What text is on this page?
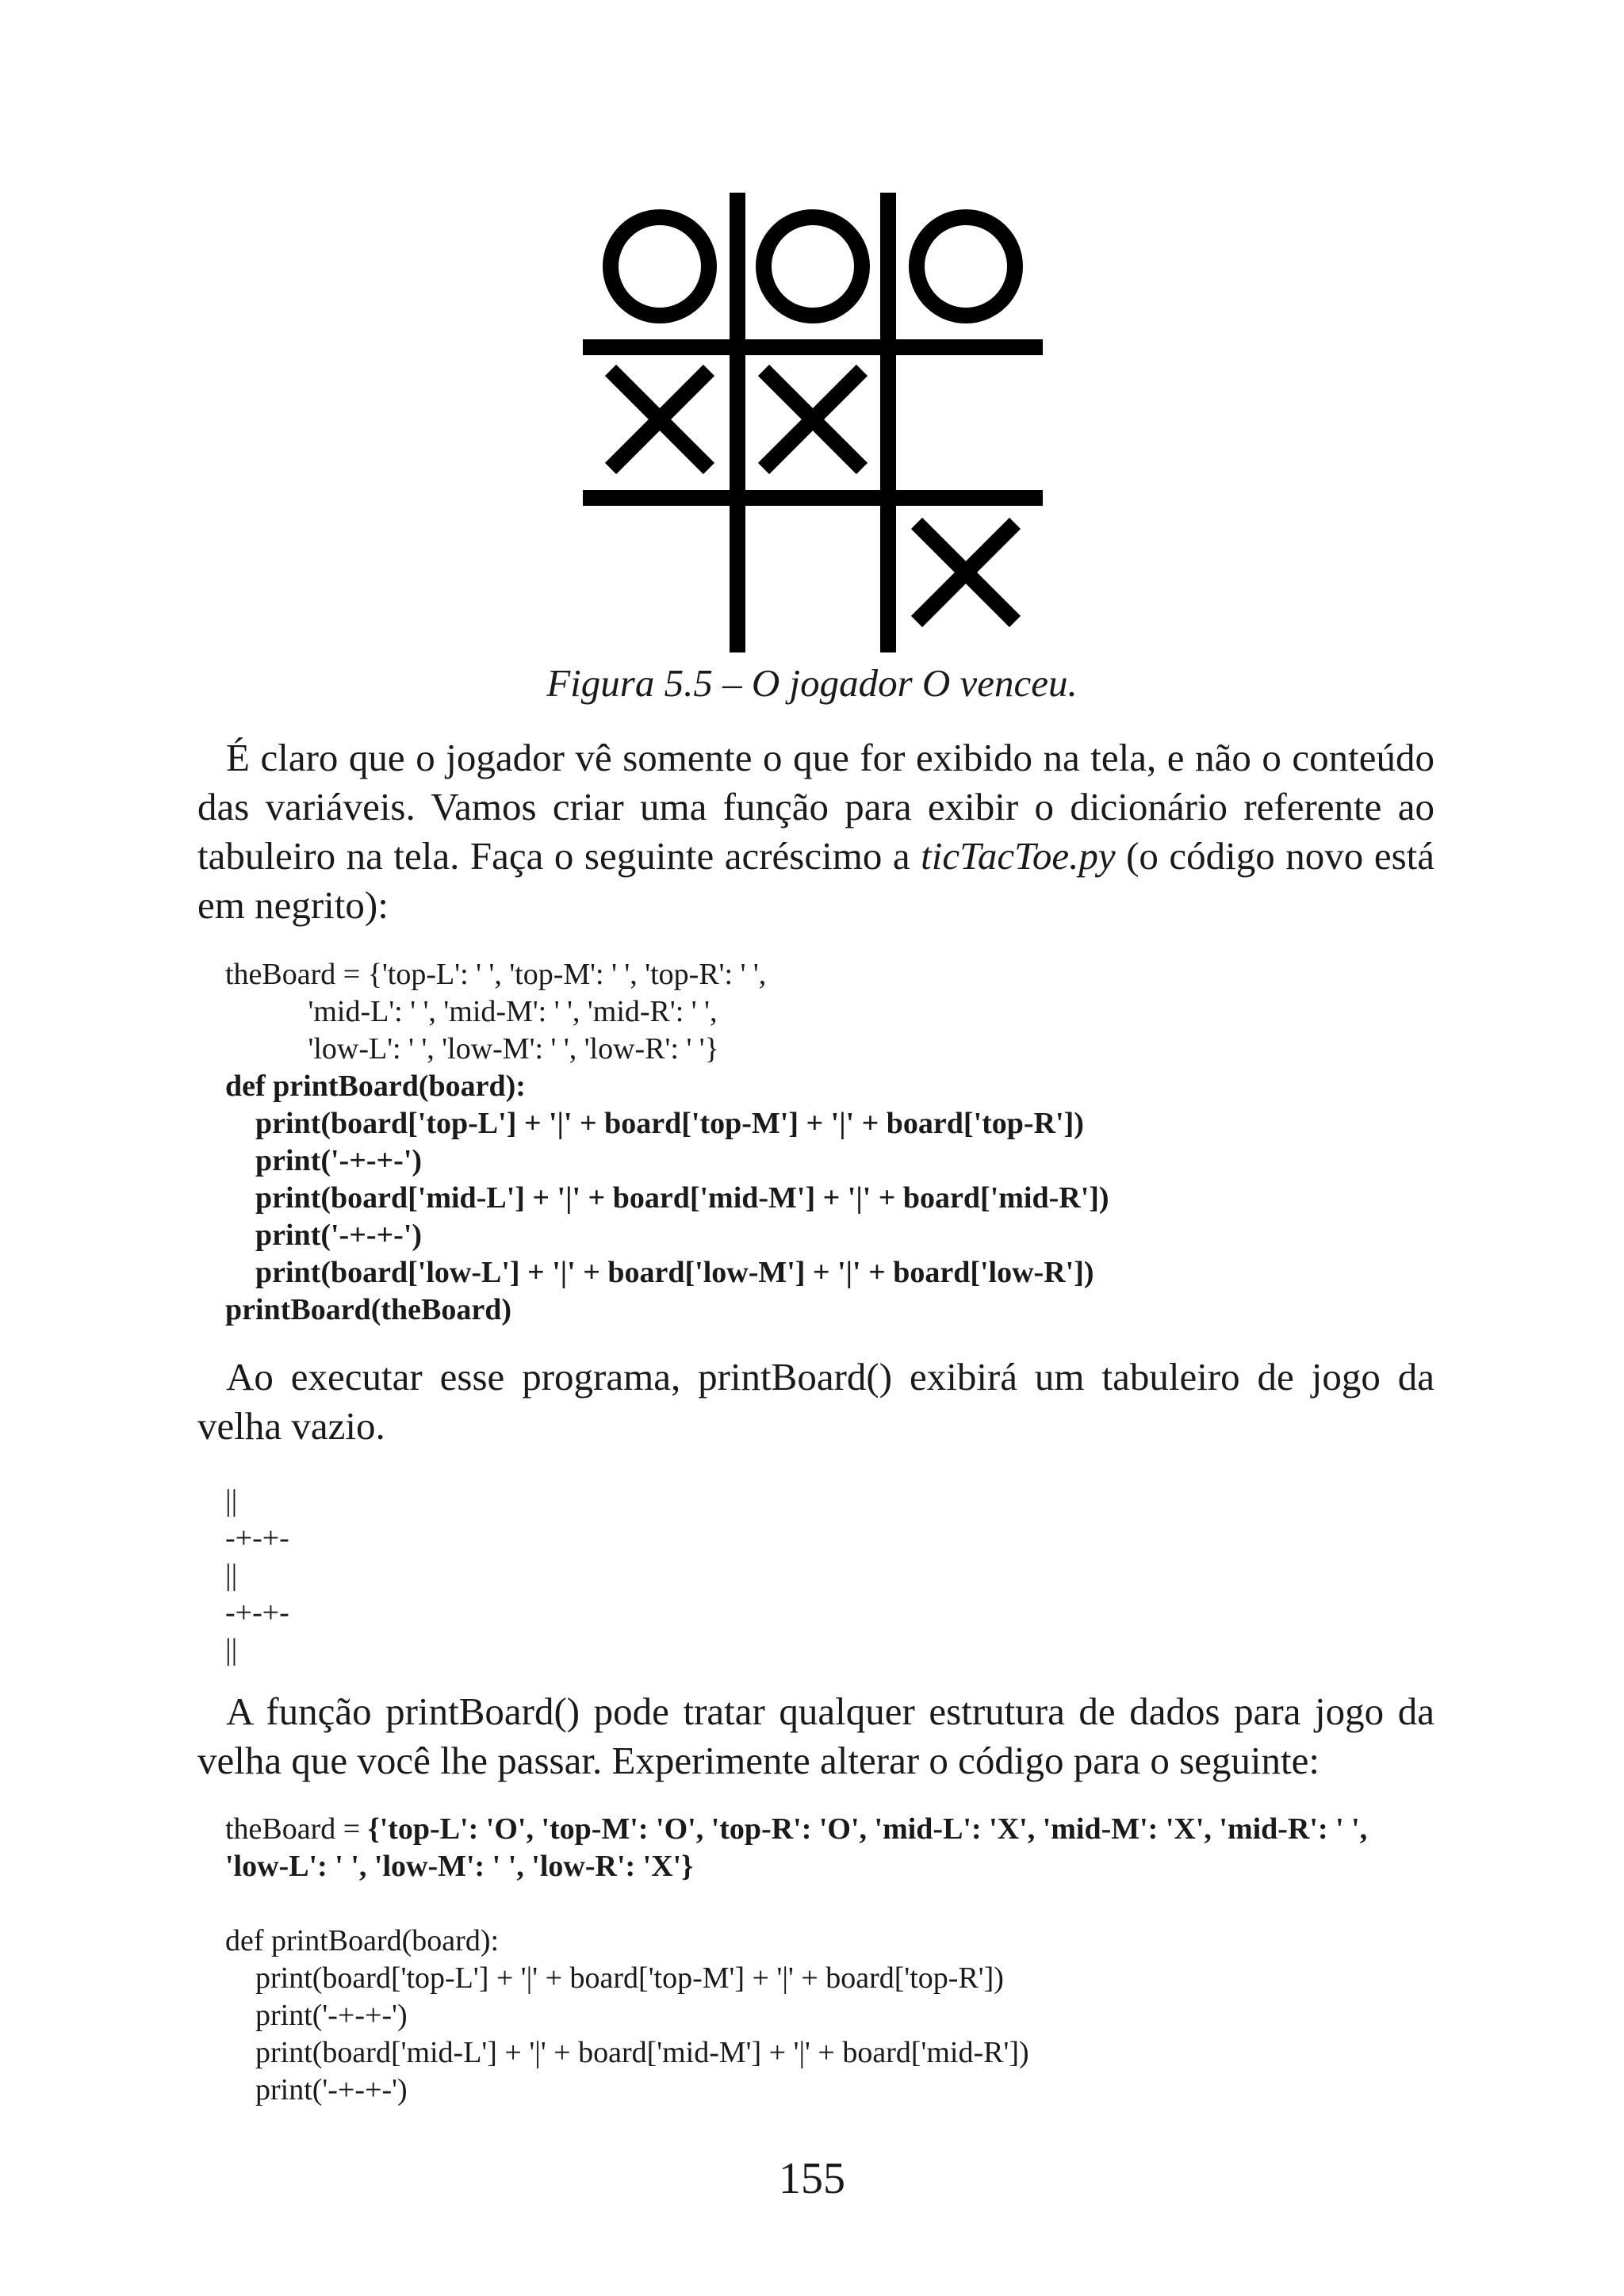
Figura 5.5 – O jogador O venceu.

É claro que o jogador vê somente o que for exibido na tela, e não o conteúdo das variáveis. Vamos criar uma função para exibir o dicionário referente ao tabuleiro na tela. Faça o seguinte acréscimo a ticTacToe.py (o código novo está em negrito):

theBoard = {'top-L': ' ', 'top-M': ' ', 'top-R': ' ',
'mid-L': ' ', 'mid-M': ' ', 'mid-R': ' ',
'low-L': ' ', 'low-M': ' ', 'low-R': ' '}
def printBoard(board):
print(board['top-L'] + '|' + board['top-M'] + '|' + board['top-R'])
print('-+-+-')
print(board['mid-L'] + '|' + board['mid-M'] + '|' + board['mid-R'])
print('-+-+-')
print(board['low-L'] + '|' + board['low-M'] + '|' + board['low-R'])
printBoard(theBoard)

Ao executar esse programa, printBoard() exibirá um tabuleiro de jogo da velha vazio.

||
-+-+-
||
-+-+-
||

A função printBoard() pode tratar qualquer estrutura de dados para jogo da velha que você lhe passar. Experimente alterar o código para o seguinte:

theBoard = {'top-L': 'O', 'top-M': 'O', 'top-R': 'O', 'mid-L': 'X', 'mid-M': 'X', 'mid-R': ' ', 'low-L': ' ', 'low-M': ' ', 'low-R': 'X'}
def printBoard(board):
print(board['top-L'] + '|' + board['top-M'] + '|' + board['top-R'])
print('-+-+-')
print(board['mid-L'] + '|' + board['mid-M'] + '|' + board['mid-R'])
print('-+-+-')
155
